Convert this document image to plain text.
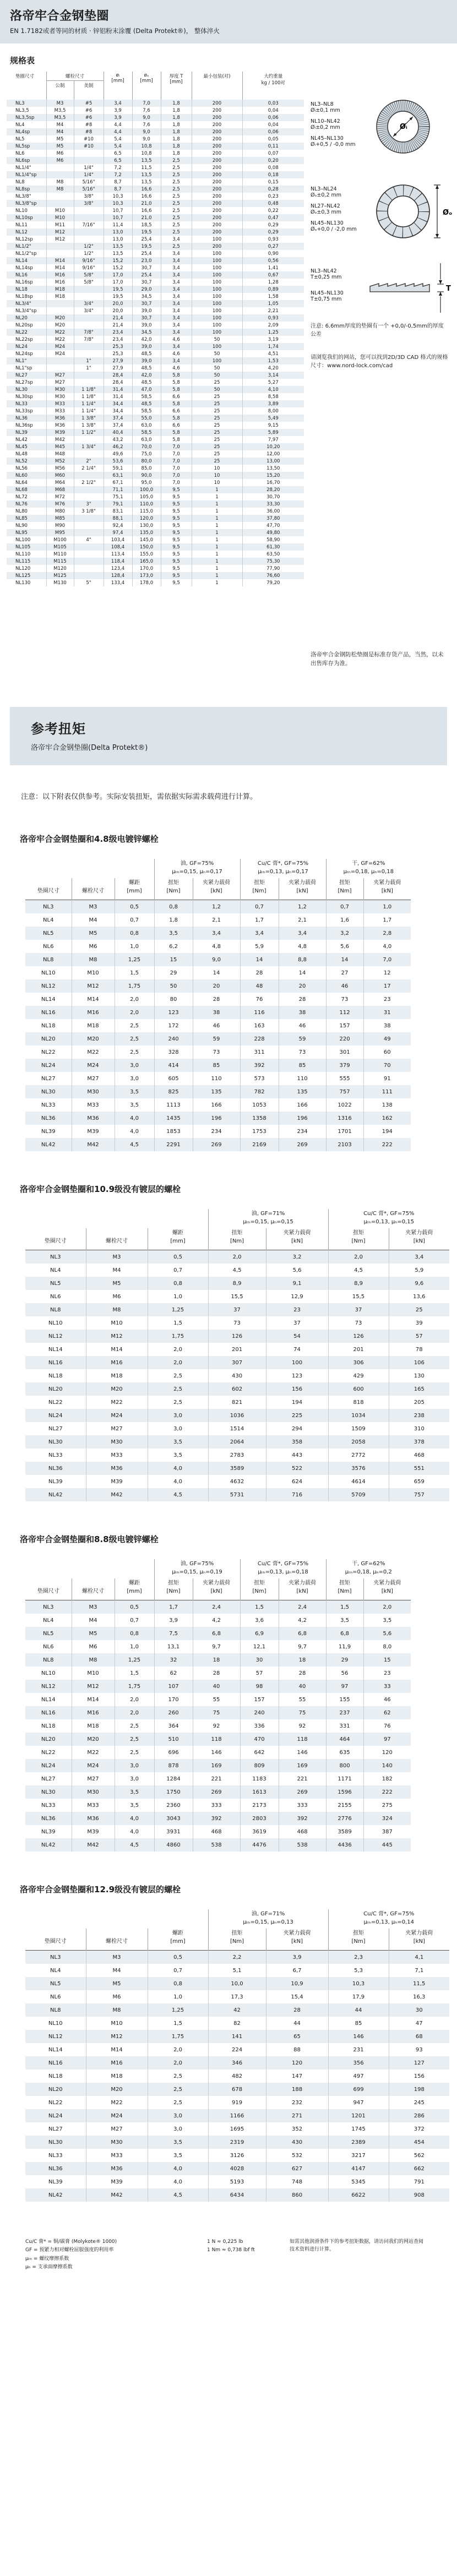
洛帝牢合金钢垫圈

EN 1.7182或者等同的材质 · 锌铝粉末涂覆 (Delta Protekt®)， 整体淬火

规格表
垫圈尺寸	螺栓尺寸		øᵢ
[mm]	øₒ
[mm]	厚度 T
[mm]	最小包装(对)	大约重量
kg / 100对
	公制	美制					
NL3	M3	#5	3,4	7,0	1,8	200	0,03
NL3,5	M3,5	#6	3,9	7,6	1,8	200	0,04
NL3,5sp	M3,5	#6	3,9	9,0	1,8	200	0,06
NL4	M4	#8	4,4	7,6	1,8	200	0,04
NL4sp	M4	#8	4,4	9,0	1,8	200	0,06
NL5	M5	#10	5,4	9,0	1,8	200	0,05
NL5sp	M5	#10	5,4	10,8	1,8	200	0,11
NL6	M6		6,5	10,8	1,8	200	0,07
NL6sp	M6		6,5	13,5	2,5	200	0,20
NL1/4"		1/4"	7,2	11,5	2,5	200	0,08
NL1/4"sp		1/4"	7,2	13,5	2,5	200	0,18
NL8	M8	5/16"	8,7	13,5	2,5	200	0,15
NL8sp	M8	5/16"	8,7	16,6	2,5	200	0,28
NL3/8"		3/8"	10,3	16,6	2,5	200	0,23
NL3/8"sp		3/8"	10,3	21,0	2,5	200	0,48
NL10	M10		10,7	16,6	2,5	200	0,22
NL10sp	M10		10,7	21,0	2,5	200	0,47
NL11	M11	7/16"	11,4	18,5	2,5	200	0,29
NL12	M12		13,0	19,5	2,5	200	0,29
NL12sp	M12		13,0	25,4	3,4	100	0,93
NL1/2"		1/2"	13,5	19,5	2,5	200	0,27
NL1/2"sp		1/2"	13,5	25,4	3,4	100	0,90
NL14	M14	9/16"	15,2	23,0	3,4	100	0,56
NL14sp	M14	9/16"	15,2	30,7	3,4	100	1,41
NL16	M16	5/8"	17,0	25,4	3,4	100	0,67
NL16sp	M16	5/8"	17,0	30,7	3,4	100	1,28
NL18	M18		19,5	29,0	3,4	100	0,89
NL18sp	M18		19,5	34,5	3,4	100	1,58
NL3/4"		3/4"	20,0	30,7	3,4	100	1,05
NL3/4"sp		3/4"	20,0	39,0	3,4	100	2,21
NL20	M20		21,4	30,7	3,4	100	0,93
NL20sp	M20		21,4	39,0	3,4	100	2,09
NL22	M22	7/8"	23,4	34,5	3,4	100	1,25
NL22sp	M22	7/8"	23,4	42,0	4,6	50	3,19
NL24	M24		25,3	39,0	3,4	100	1,74
NL24sp	M24		25,3	48,5	4,6	50	4,51
NL1"		1"	27,9	39,0	3,4	100	1,53
NL1"sp		1"	27,9	48,5	4,6	50	4,20
NL27	M27		28,4	42,0	5,8	50	3,14
NL27sp	M27		28,4	48,5	5,8	25	5,27
NL30	M30	1 1/8"	31,4	47,0	5,8	50	4,10
NL30sp	M30	1 1/8"	31,4	58,5	6,6	25	8,58
NL33	M33	1 1/4"	34,4	48,5	5,8	25	3,89
NL33sp	M33	1 1/4"	34,4	58,5	6,6	25	8,00
NL36	M36	1 3/8"	37,4	55,0	5,8	25	5,49
NL36sp	M36	1 3/8"	37,4	63,0	6,6	25	9,15
NL39	M39	1 1/2"	40,4	58,5	5,8	25	5,89
NL42	M42		43,2	63,0	5,8	25	7,97
NL45	M45	1 3/4"	46,2	70,0	7,0	25	10,20
NL48	M48		49,6	75,0	7,0	25	12,00
NL52	M52	2"	53,6	80,0	7,0	25	13,00
NL56	M56	2 1/4"	59,1	85,0	7,0	10	13,50
NL60	M60		63,1	90,0	7,0	10	15,20
NL64	M64	2 1/2"	67,1	95,0	7,0	10	16,70
NL68	M68		71,1	100,0	9,5	1	28,20
NL72	M72		75,1	105,0	9,5	1	30,70
NL76	M76	3"	79,1	110,0	9,5	1	33,30
NL80	M80	3 1/8"	83,1	115,0	9,5	1	36,00
NL85	M85		88,1	120,0	9,5	1	37,80
NL90	M90		92,4	130,0	9,5	1	47,70
NL95	M95		97,4	135,0	9,5	1	49,80
NL100	M100	4"	103,4	145,0	9,5	1	58,90
NL105	M105		108,4	150,0	9,5	1	61,30
NL110	M110		113,4	155,0	9,5	1	63,50
NL115	M115		118,4	165,0	9,5	1	75,30
NL120	M120		123,4	170,0	9,5	1	77,90
NL125	M125		128,4	173,0	9,5	1	76,60
NL130	M130	5"	133,4	178,0	9,5	1	79,20
NL3–NL8
Øᵢ±0,1 mm
NL10–NL42
Øᵢ±0,2 mm
NL45–NL130
Øᵢ+0,5 / -0,0 mm
Øᵢ
NL3–NL24
Øₒ±0,2 mm
NL27–NL42
Øₒ±0,3 mm
NL45–NL130
Øₒ+0,0 / -2,0 mm
Øₒ
NL3–NL42
T±0,25 mm
NL45–NL130
T±0,75 mm
T

注意: 6.6mm厚度的垫圈有一个 +0,0/-0,5mm的厚度公差

请浏览我们的网站，您可以找到2D/3D CAD 格式的规格尺寸：www.nord-lock.com/cad

洛帝牢合金钢防松垫圈是标准存货产品，当然，以未出售库存为准。

参考扭矩

洛帝牢合金钢垫圈(Delta Protekt®)

注意：以下附表仅供参考。实际安装扭矩，需依据实际需求载荷进行计算。

洛帝牢合金钢垫圈和4.8级电镀锌螺栓
			油, GF=75%
μₜₕ=0,15, μₕ=0,17		Cu/C 膏*, GF=75%
μₜₕ=0,13, μₕ=0,17		干, GF=62%
μₜₕ=0,18, μₕ=0,18	
垫圈尺寸	螺栓尺寸	螺距
[mm]	扭矩
[Nm]	夹紧力载荷
[kN]	扭矩
[Nm]	夹紧力载荷
[kN]	扭矩
[Nm]	夹紧力载荷
[kN]
NL3	M3	0,5	0,8	1,2	0,7	1,2	0,7	1,0
NL4	M4	0,7	1,8	2,1	1,7	2,1	1,6	1,7
NL5	M5	0,8	3,5	3,4	3,4	3,4	3,2	2,8
NL6	M6	1,0	6,2	4,8	5,9	4,8	5,6	4,0
NL8	M8	1,25	15	9,0	14	8,8	14	7,0
NL10	M10	1,5	29	14	28	14	27	12
NL12	M12	1,75	50	20	48	20	46	17
NL14	M14	2,0	80	28	76	28	73	23
NL16	M16	2,0	123	38	116	38	112	31
NL18	M18	2,5	172	46	163	46	157	38
NL20	M20	2,5	240	59	228	59	220	49
NL22	M22	2,5	328	73	311	73	301	60
NL24	M24	3,0	414	85	392	85	379	70
NL27	M27	3,0	605	110	573	110	555	91
NL30	M30	3,5	825	135	782	135	757	111
NL33	M33	3,5	1113	166	1053	166	1022	138
NL36	M36	4,0	1435	196	1358	196	1316	162
NL39	M39	4,0	1853	234	1753	234	1701	194
NL42	M42	4,5	2291	269	2169	269	2103	222
洛帝牢合金钢垫圈和10.9级没有镀层的螺栓
			油, GF=71%
μₜₕ=0,15, μₕ=0,15		Cu/C 膏*, GF=75%
μₜₕ=0,13, μₕ=0,15	
垫圈尺寸	螺栓尺寸	螺距
[mm]	扭矩
[Nm]	夹紧力载荷
[kN]	扭矩
[Nm]	夹紧力载荷
[kN]
NL3	M3	0,5	2,0	3,2	2,0	3,4
NL4	M4	0,7	4,5	5,6	4,5	5,9
NL5	M5	0,8	8,9	9,1	8,9	9,6
NL6	M6	1,0	15,5	12,9	15,5	13,6
NL8	M8	1,25	37	23	37	25
NL10	M10	1,5	73	37	73	39
NL12	M12	1,75	126	54	126	57
NL14	M14	2,0	201	74	201	78
NL16	M16	2,0	307	100	306	106
NL18	M18	2,5	430	123	429	130
NL20	M20	2,5	602	156	600	165
NL22	M22	2,5	821	194	818	205
NL24	M24	3,0	1036	225	1034	238
NL27	M27	3,0	1514	294	1509	310
NL30	M30	3,5	2064	358	2058	378
NL33	M33	3,5	2783	443	2772	468
NL36	M36	4,0	3589	522	3576	551
NL39	M39	4,0	4632	624	4614	659
NL42	M42	4,5	5731	716	5709	757
洛帝牢合金钢垫圈和8.8级电镀锌螺栓
			油, GF=75%
μₜₕ=0,15, μₕ=0,19		Cu/C 膏*, GF=75%
μₜₕ=0,13, μₕ=0,18		干, GF=62%
μₜₕ=0,18, μₕ=0,2	
垫圈尺寸	螺栓尺寸	螺距
[mm]	扭矩
[Nm]	夹紧力载荷
[kN]	扭矩
[Nm]	夹紧力载荷
[kN]	扭矩
[Nm]	夹紧力载荷
[kN]
NL3	M3	0,5	1,7	2,4	1,5	2,4	1,5	2,0
NL4	M4	0,7	3,9	4,2	3,6	4,2	3,5	3,5
NL5	M5	0,8	7,5	6,8	6,9	6,8	6,8	5,6
NL6	M6	1,0	13,1	9,7	12,1	9,7	11,9	8,0
NL8	M8	1,25	32	18	30	18	29	15
NL10	M10	1,5	62	28	57	28	56	23
NL12	M12	1,75	107	40	98	40	97	33
NL14	M14	2,0	170	55	157	55	155	46
NL16	M16	2,0	260	75	240	75	237	62
NL18	M18	2,5	364	92	336	92	331	76
NL20	M20	2,5	510	118	470	118	464	97
NL22	M22	2,5	696	146	642	146	635	120
NL24	M24	3,0	878	169	809	169	800	140
NL27	M27	3,0	1284	221	1183	221	1171	182
NL30	M30	3,5	1750	269	1613	269	1596	222
NL33	M33	3,5	2360	333	2173	333	2155	275
NL36	M36	4,0	3043	392	2803	392	2776	324
NL39	M39	4,0	3931	468	3619	468	3589	387
NL42	M42	4,5	4860	538	4476	538	4436	445
洛帝牢合金钢垫圈和12.9级没有镀层的螺栓
			油, GF=71%
μₜₕ=0,15, μₕ=0,13		Cu/C 膏*, GF=75%
μₜₕ=0,13, μₕ=0,14	
垫圈尺寸	螺栓尺寸	螺距
[mm]	扭矩
[Nm]	夹紧力载荷
[kN]	扭矩
[Nm]	夹紧力载荷
[kN]
NL3	M3	0,5	2,2	3,9	2,3	4,1
NL4	M4	0,7	5,1	6,7	5,3	7,1
NL5	M5	0,8	10,0	10,9	10,3	11,5
NL6	M6	1,0	17,3	15,4	17,9	16,3
NL8	M8	1,25	42	28	44	30
NL10	M10	1,5	82	44	85	47
NL12	M12	1,75	141	65	146	68
NL14	M14	2,0	224	88	231	93
NL16	M16	2,0	346	120	356	127
NL18	M18	2,5	482	147	497	156
NL20	M20	2,5	678	188	699	198
NL22	M22	2,5	919	232	947	245
NL24	M24	3,0	1166	271	1201	286
NL27	M27	3,0	1695	352	1745	372
NL30	M30	3,5	2319	430	2389	454
NL33	M33	3,5	3126	532	3217	562
NL36	M36	4,0	4028	627	4147	662
NL39	M39	4,0	5193	748	5345	791
NL42	M42	4,5	6434	860	6622	908
Cu/C 膏* = 铜/碳膏 (Molykote® 1000)
GF = 预紧力相对螺栓屈服强度的利用率
μₜₕ = 螺纹摩擦系数
μₕ = 支承面摩擦系数
1 N ≈ 0,225 lb
1 Nm ≈ 0,738 lbf ft
如需其他润滑条件下的参考扭矩数据，请访问我们的网站查阅技术资料进行计算。
